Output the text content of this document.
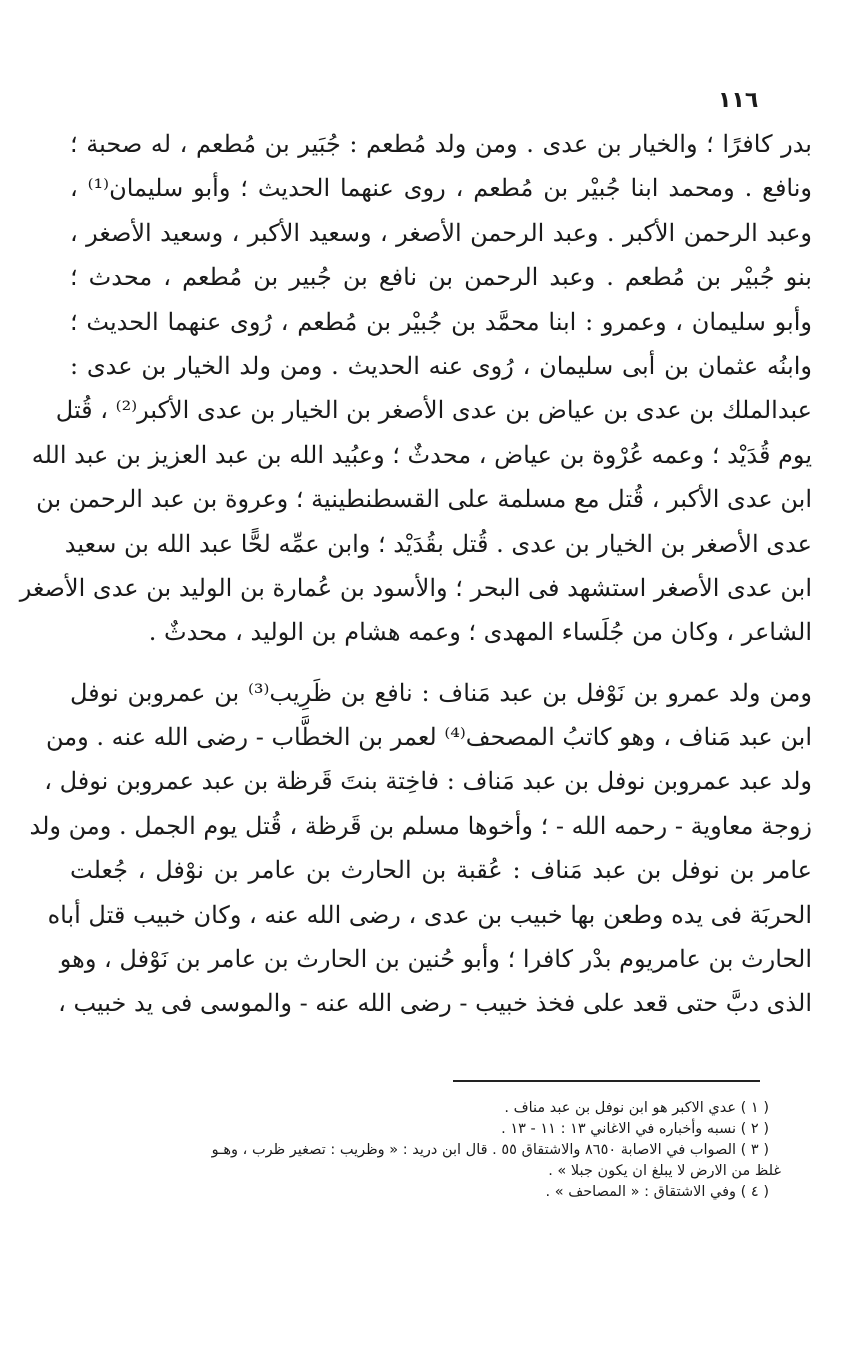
١١٦
بدر كافرًا ؛ والخيار بن عدى . ومن ولد مُطعم : جُبَير بن مُطعم ، له صحبة ؛
ونافع . ومحمد ابنا جُبيْر بن مُطعم ، روى عنهما الحديث ؛ وأبو سليمان⁽¹⁾ ،
وعبد الرحمن الأكبر . وعبد الرحمن الأصغر ، وسعيد الأكبر ، وسعيد الأصغر ،
بنو جُبيْر بن مُطعم . وعبد الرحمن بن نافع بن جُبير بن مُطعم ، محدث ؛
وأبو سليمان ، وعمرو : ابنا محمَّد بن جُبيْر بن مُطعم ، رُوى عنهما الحديث ؛
وابنُه عثمان بن أبى سليمان ، رُوى عنه الحديث . ومن ولد الخيار بن عدى :
عبدالملك بن عدى بن عياض بن عدى الأصغر بن الخيار بن عدى الأكبر⁽²⁾ ، قُتل
يوم قُدَيْد ؛ وعمه عُرْوة بن عياض ، محدثٌ ؛ وعبُيد الله بن عبد العزيز بن عبد الله
ابن عدى الأكبر ، قُتل مع مسلمة على القسطنطينية ؛ وعروة بن عبد الرحمن بن
عدى الأصغر بن الخيار بن عدى . قُتل بقُدَيْد ؛ وابن عمِّه لحًّا عبد الله بن سعيد
ابن عدى الأصغر استشهد فى البحر ؛ والأسود بن عُمارة بن الوليد بن عدى الأصغر
الشاعر ، وكان من جُلَساء المهدى ؛ وعمه هشام بن الوليد ، محدثٌ .
ومن ولد عمرو بن نَوْفل بن عبد مَناف : نافع بن ظَرِيب⁽³⁾ بن عمروبن نوفل
ابن عبد مَناف ، وهو كاتبُ المصحف⁽⁴⁾ لعمر بن الخطَّاب - رضى الله عنه . ومن
ولد عبد عمروبن نوفل بن عبد مَناف : فاخِتة بنتَ قَرظة بن عبد عمروبن نوفل ،
زوجة معاوية - رحمه الله - ؛ وأخوها مسلم بن قَرظة ، قُتل يوم الجمل . ومن ولد
عامر بن نوفل بن عبد مَناف : عُقبة بن الحارث بن عامر بن نوْفل ، جُعلت
الحربَة فى يده وطعن بها خبيب بن عدى ، رضى الله عنه ، وكان خبيب قتل أباه
الحارث بن عامريوم بدْر كافرا ؛ وأبو حُنين بن الحارث بن عامر بن نَوْفل ، وهو
الذى دبَّ حتى قعد على فخذ خبيب - رضى الله عنه - والموسى فى يد خبيب ،
( ١ ) عدي الاكبر هو ابن نوفل بن عبد مناف .
( ٢ ) نسبه وأخباره في الاغاني ١٣ : ١١ - ١٣ .
( ٣ ) الصواب في الاصابة ٨٦٥٠ والاشتقاق ٥٥ . قال ابن دريد : « وظريب : تصغير ظرب ، وهـو
غلظ من الارض لا يبلغ ان يكون جبلا » .
( ٤ ) وفي الاشتقاق : « المصاحف » .
